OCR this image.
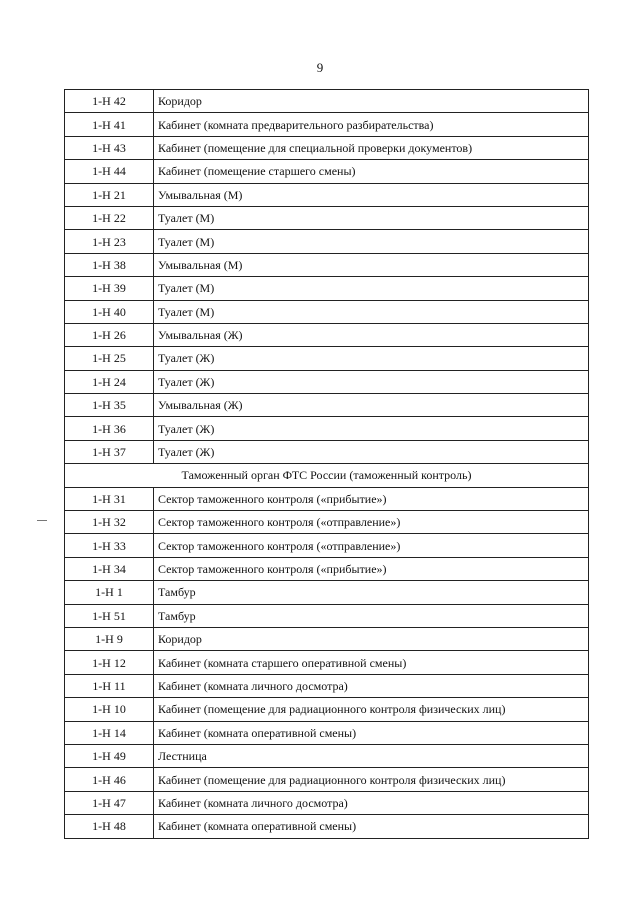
9
1-Н 42	Коридор
1-Н 41	Кабинет (комната предварительного разбирательства)
1-Н 43	Кабинет (помещение для специальной проверки документов)
1-Н 44	Кабинет (помещение старшего смены)
1-Н 21	Умывальная (М)
1-Н 22	Туалет (М)
1-Н 23	Туалет (М)
1-Н 38	Умывальная (М)
1-Н 39	Туалет (М)
1-Н 40	Туалет (М)
1-Н 26	Умывальная (Ж)
1-Н 25	Туалет (Ж)
1-Н 24	Туалет (Ж)
1-Н 35	Умывальная (Ж)
1-Н 36	Туалет (Ж)
1-Н 37	Туалет (Ж)
Таможенный орган ФТС России (таможенный контроль)	
1-Н 31	Сектор таможенного контроля («прибытие»)
1-Н 32	Сектор таможенного контроля («отправление»)
1-Н 33	Сектор таможенного контроля («отправление»)
1-Н 34	Сектор таможенного контроля («прибытие»)
1-Н 1	Тамбур
1-Н 51	Тамбур
1-Н 9	Коридор
1-Н 12	Кабинет (комната старшего оперативной смены)
1-Н 11	Кабинет (комната личного досмотра)
1-Н 10	Кабинет (помещение для радиационного контроля физических лиц)
1-Н 14	Кабинет (комната оперативной смены)
1-Н 49	Лестница
1-Н 46	Кабинет (помещение для радиационного контроля физических лиц)
1-Н 47	Кабинет (комната личного досмотра)
1-Н 48	Кабинет (комната оперативной смены)
